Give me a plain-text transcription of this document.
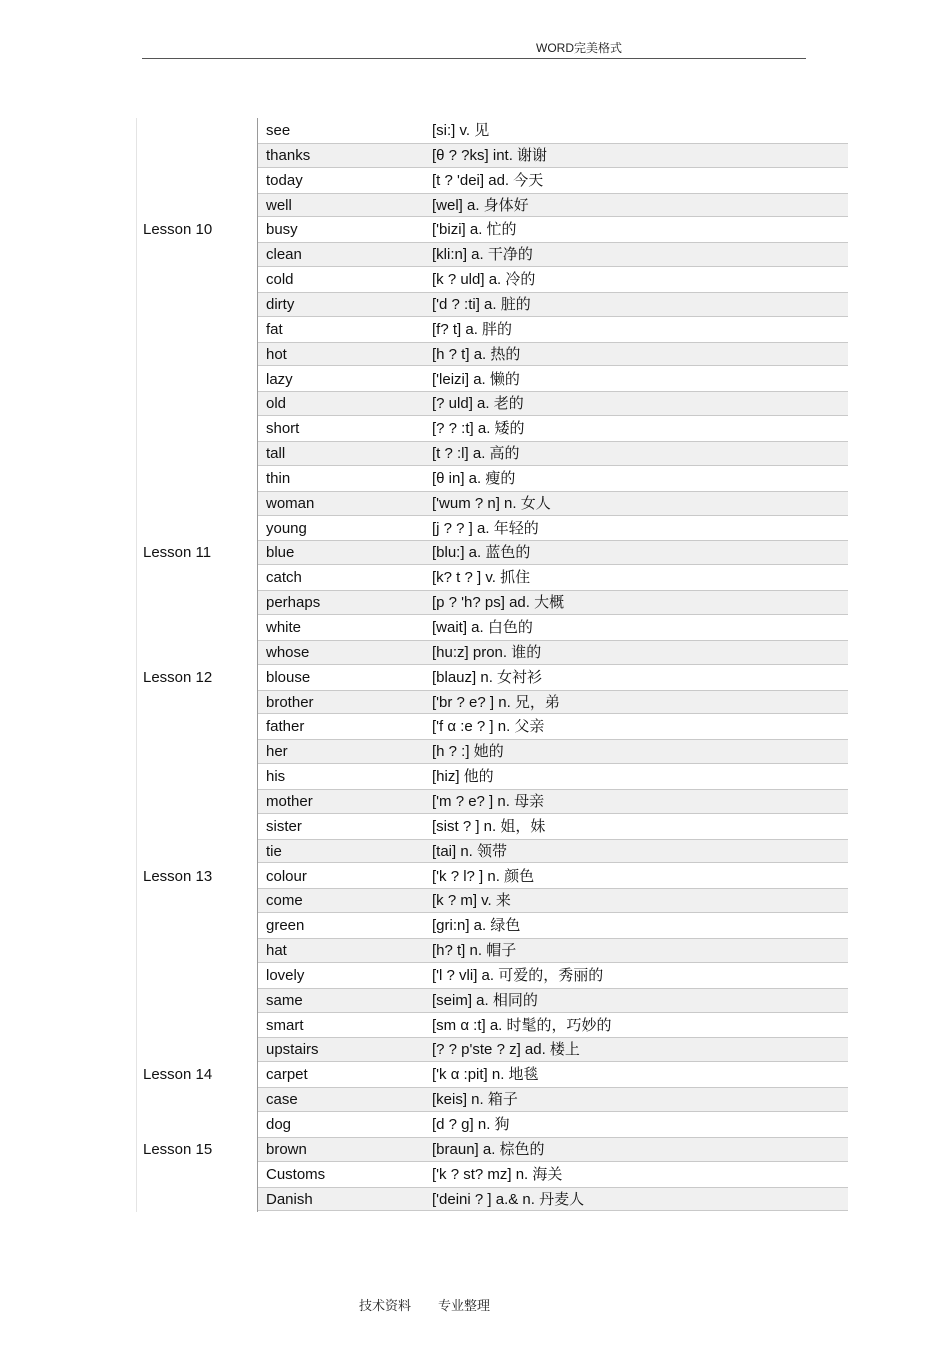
WORD完美格式
see	[si:] v. 见
thanks	[θ ? ?ks] int. 谢谢
today	[t ? 'dei] ad. 今天
well	[wel] a. 身体好
Lesson 10	busy	['bizi] a. 忙的
clean	[kli:n] a. 干净的
cold	[k ? uld] a. 冷的
dirty	['d ? :ti] a. 脏的
fat	[f? t] a. 胖的
hot	[h ? t] a. 热的
lazy	['leizi] a. 懒的
old	[? uld] a. 老的
short	[? ? :t] a. 矮的
tall	[t ? :l] a. 高的
thin	[θ in] a. 瘦的
woman	['wum ? n] n. 女人
young	[j ? ? ] a. 年轻的
Lesson 11	blue	[blu:] a. 蓝色的
catch	[k? t ? ] v. 抓住
perhaps	[p ? 'h? ps] ad. 大概
white	[wait] a. 白色的
whose	[hu:z] pron. 谁的
Lesson 12	blouse	[blauz] n. 女衬衫
brother	['br ? e? ] n. 兄，弟
father	['f α :e ? ] n. 父亲
her	[h ? :] 她的
his	[hiz] 他的
mother	['m ? e? ] n. 母亲
sister	[sist ? ] n. 姐，妹
tie	[tai] n. 领带
Lesson 13	colour	['k ? l? ] n. 颜色
come	[k ? m] v. 来
green	[gri:n] a. 绿色
hat	[h? t] n. 帽子
lovely	['l ? vli] a. 可爱的，秀丽的
same	[seim] a. 相同的
smart	[sm α :t] a. 时髦的，巧妙的
upstairs	[? ? p'ste ? z] ad. 楼上
Lesson 14	carpet	['k α :pit] n. 地毯
case	[keis] n. 箱子
dog	[d ? g] n. 狗
Lesson 15	brown	[braun] a. 棕色的
Customs	['k ? st? mz] n. 海关
Danish	['deini ? ] a.& n. 丹麦人
技术资料 专业整理
